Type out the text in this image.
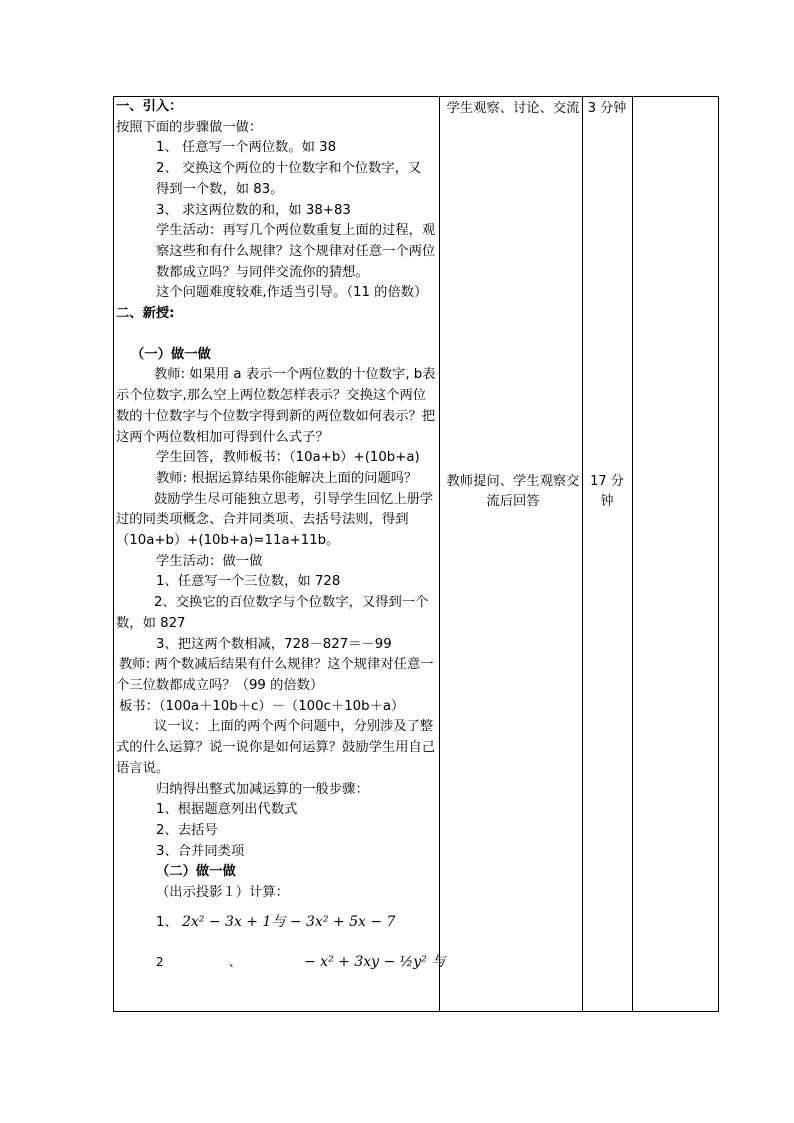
一、引入：
按照下面的步骤做一做：
1、 任意写一个两位数。如 38
2、 交换这个两位的十位数字和个位数字，又
得到一个数，如 83。
3、 求这两位数的和，如 38+83
学生活动：再写几个两位数重复上面的过程，观察这些和有什么规律？这个规律对任意一个两位数都成立吗？与同伴交流你的猜想。
这个问题难度较难,作适当引导。（11 的倍数）
二、新授:
（一）做一做
教师: 如果用 a 表示一个两位数的十位数字, b表示个位数字,那么空上两位数怎样表示？交换这个两位数的十位数字与个位数字得到新的两位数如何表示？把这两个两位数相加可得到什么式子？
学生回答，教师板书：（10a+b）+(10b+a)
教师: 根据运算结果你能解决上面的问题吗？
鼓励学生尽可能独立思考，引导学生回忆上册学过的同类项概念、合并同类项、去括号法则，得到（10a+b）+(10b+a)=11a+11b。
学生活动：做一做
1、任意写一个三位数，如 728
2、交换它的百位数字与个位数字，又得到一个数，如 827
3、把这两个数相减，728－827＝－99
教师: 两个数减后结果有什么规律？这个规律对任意一个三位数都成立吗？（99 的倍数）
板书：（100a＋10b＋c）－（100c＋10b＋a）
议一议：上面的两个两个问题中，分别涉及了整式的什么运算？说一说你是如何运算？鼓励学生用自己语言说。
归纳得出整式加减运算的一般步骤：
1、根据题意列出代数式
2、去括号
3、合并同类项
（二）做一做
（出示投影１）计算：
1、 2x² − 3x + 1与 − 3x² + 5x − 7
2	、	− x² + 3xy − ½y² 与
学生观察、讨论、交流
教师提问、学生观察交流后回答
3 分钟
17 分钟
